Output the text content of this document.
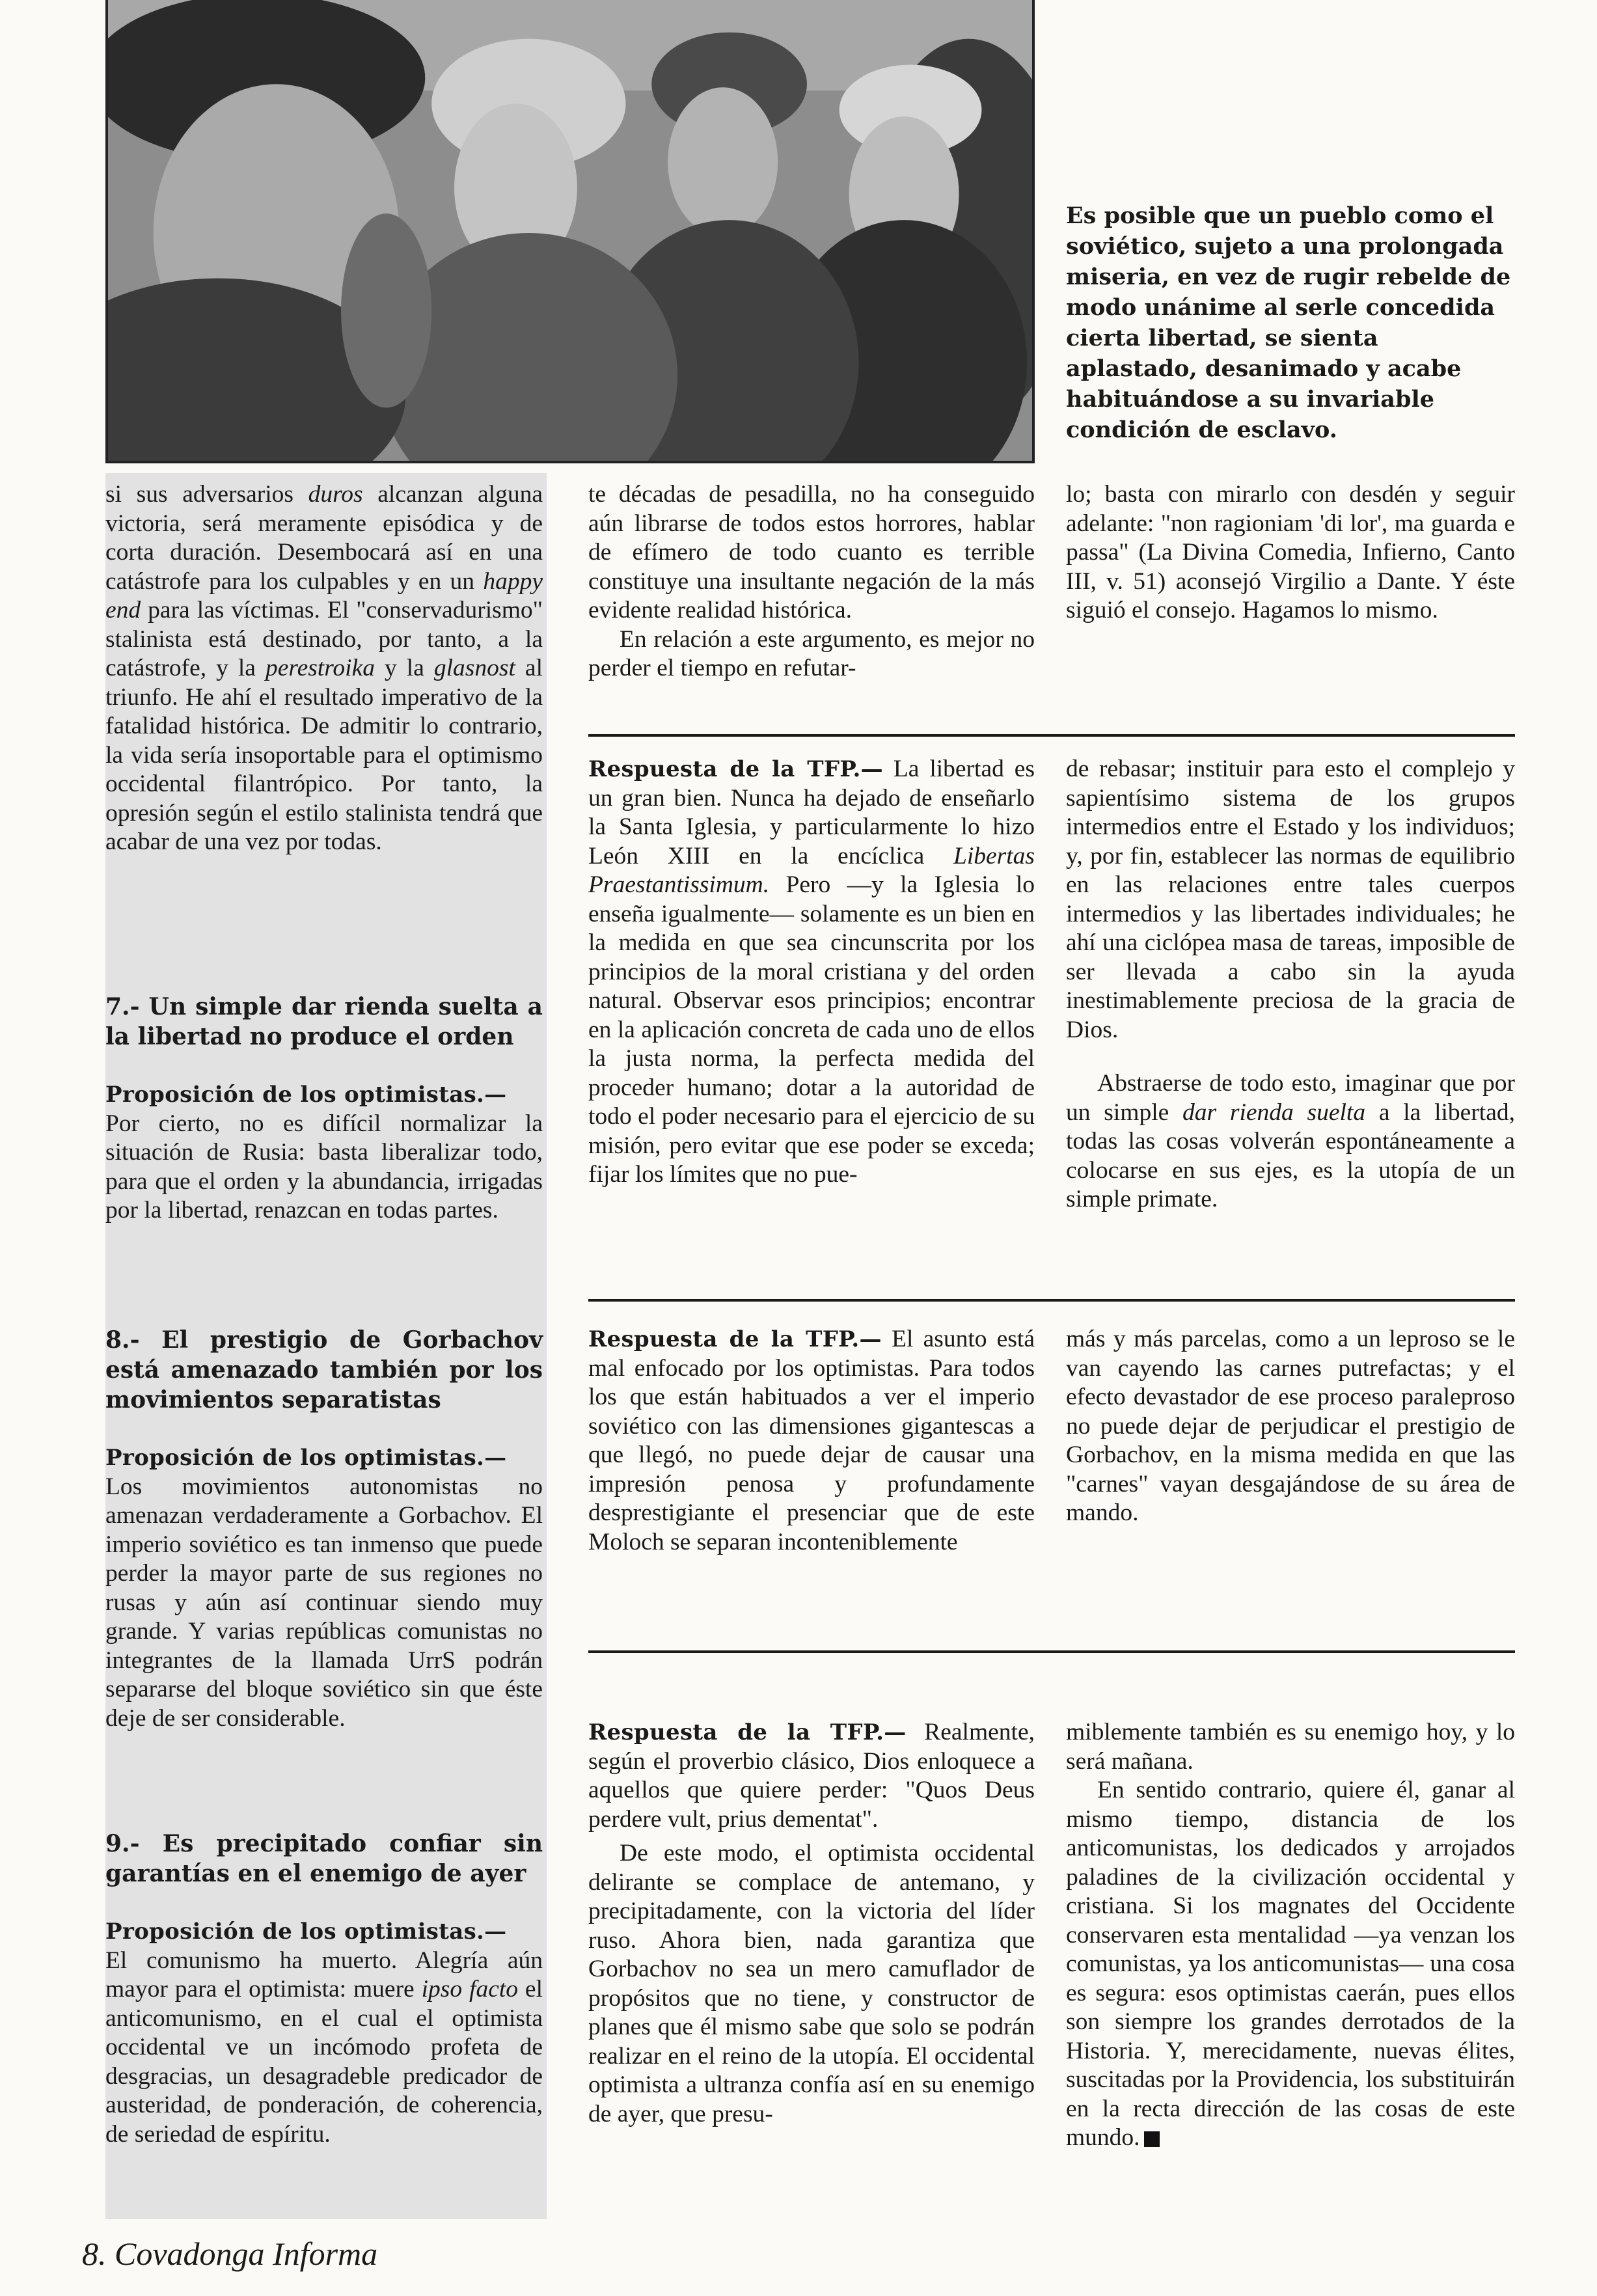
Es posible que un pueblo como el soviético, sujeto a una prolongada miseria, en vez de rugir rebelde de modo unánime al serle concedida cierta libertad, se sienta aplastado, desanimado y acabe habituándose a su invariable condición de esclavo.

si sus adversarios duros alcanzan alguna victoria, será meramente episódica y de corta duración. Desembocará así en una catástrofe para los culpables y en un happy end para las víctimas. El "conservadurismo" stalinista está destinado, por tanto, a la catástrofe, y la perestroika y la glasnost al triunfo. He ahí el resultado imperativo de la fatalidad histórica. De admitir lo contrario, la vida sería insoportable para el optimismo occidental filantrópico. Por tanto, la opresión según el estilo stalinista tendrá que acabar de una vez por todas.

7.- Un simple dar rienda suelta a la libertad no produce el orden

Proposición de los optimistas.—
Por cierto, no es difícil normalizar la situación de Rusia: basta liberalizar todo, para que el orden y la abundancia, irrigadas por la libertad, renazcan en todas partes.

8.- El prestigio de Gorbachov está amenazado también por los movimientos separatistas

Proposición de los optimistas.—
Los movimientos autonomistas no amenazan verdaderamente a Gorbachov. El imperio soviético es tan inmenso que puede perder la mayor parte de sus regiones no rusas y aún así continuar siendo muy grande. Y varias repúblicas comunistas no integrantes de la llamada UrrS podrán separarse del bloque soviético sin que éste deje de ser considerable.

9.- Es precipitado confiar sin garantías en el enemigo de ayer

Proposición de los optimistas.—
El comunismo ha muerto. Alegría aún mayor para el optimista: muere ipso facto el anticomunismo, en el cual el optimista occidental ve un incómodo profeta de desgracias, un desagradeble predicador de austeridad, de ponderación, de coherencia, de seriedad de espíritu.

te décadas de pesadilla, no ha conseguido aún librarse de todos estos horrores, hablar de efímero de todo cuanto es terrible constituye una insultante negación de la más evidente realidad histórica.

En relación a este argumento, es mejor no perder el tiempo en refutar-

lo; basta con mirarlo con desdén y seguir adelante: "non ragioniam 'di lor', ma guarda e passa" (La Divina Comedia, Infierno, Canto III, v. 51) aconsejó Virgilio a Dante. Y éste siguió el consejo. Hagamos lo mismo.

Respuesta de la TFP.— La libertad es un gran bien. Nunca ha dejado de enseñarlo la Santa Iglesia, y particularmente lo hizo León XIII en la encíclica Libertas Praestantissimum. Pero —y la Iglesia lo enseña igualmente— solamente es un bien en la medida en que sea cincunscrita por los principios de la moral cristiana y del orden natural. Observar esos principios; encontrar en la aplicación concreta de cada uno de ellos la justa norma, la perfecta medida del proceder humano; dotar a la autoridad de todo el poder necesario para el ejercicio de su misión, pero evitar que ese poder se exceda; fijar los límites que no pue-

de rebasar; instituir para esto el complejo y sapientísimo sistema de los grupos intermedios entre el Estado y los individuos; y, por fin, establecer las normas de equilibrio en las relaciones entre tales cuerpos intermedios y las libertades individuales; he ahí una ciclópea masa de tareas, imposible de ser llevada a cabo sin la ayuda inestimablemente preciosa de la gracia de Dios.

Abstraerse de todo esto, imaginar que por un simple dar rienda suelta a la libertad, todas las cosas volverán espontáneamente a colocarse en sus ejes, es la utopía de un simple primate.

Respuesta de la TFP.— El asunto está mal enfocado por los optimistas. Para todos los que están habituados a ver el imperio soviético con las dimensiones gigantescas a que llegó, no puede dejar de causar una impresión penosa y profundamente desprestigiante el presenciar que de este Moloch se separan inconteniblemente

más y más parcelas, como a un leproso se le van cayendo las carnes putrefactas; y el efecto devastador de ese proceso paraleproso no puede dejar de perjudicar el prestigio de Gorbachov, en la misma medida en que las "carnes" vayan desgajándose de su área de mando.

Respuesta de la TFP.— Realmente, según el proverbio clásico, Dios enloquece a aquellos que quiere perder: "Quos Deus perdere vult, prius dementat".

De este modo, el optimista occidental delirante se complace de antemano, y precipitadamente, con la victoria del líder ruso. Ahora bien, nada garantiza que Gorbachov no sea un mero camuflador de propósitos que no tiene, y constructor de planes que él mismo sabe que solo se podrán realizar en el reino de la utopía. El occidental optimista a ultranza confía así en su enemigo de ayer, que presu-

miblemente también es su enemigo hoy, y lo será mañana.

En sentido contrario, quiere él, ganar al mismo tiempo, distancia de los anticomunistas, los dedicados y arrojados paladines de la civilización occidental y cristiana. Si los magnates del Occidente conservaren esta mentalidad —ya venzan los comunistas, ya los anticomunistas— una cosa es segura: esos optimistas caerán, pues ellos son siempre los grandes derrotados de la Historia. Y, merecidamente, nuevas élites, suscitadas por la Providencia, los substituirán en la recta dirección de las cosas de este mundo.

8. Covadonga Informa
